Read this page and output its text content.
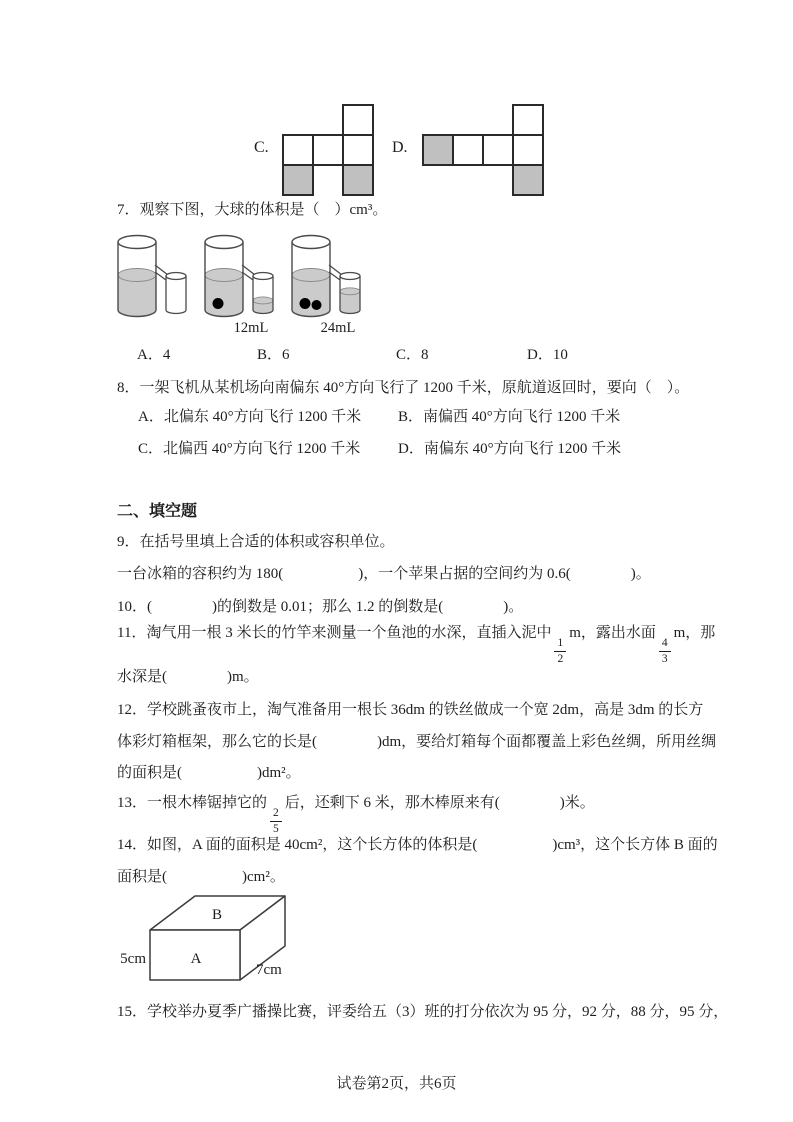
C.	D.
7．观察下图，大球的体积是（　）cm³。
12mL	24mL
A．4	B．6	C．8	D．10
8．一架飞机从某机场向南偏东 40°方向飞行了 1200 千米，原航道返回时，要向（　）。
A．北偏东 40°方向飞行 1200 千米 B．南偏西 40°方向飞行 1200 千米
C．北偏西 40°方向飞行 1200 千米	D．南偏东 40°方向飞行 1200 千米
二、填空题
9．在括号里填上合适的体积或容积单位。
一台冰箱的容积约为 180(　　　　　)，一个苹果占据的空间约为 0.6(　　　　)。
10．(　　　　)的倒数是 0.01；那么 1.2 的倒数是(　　　　)。
11．淘气用一根 3 米长的竹竿来测量一个鱼池的水深，直插入泥中
$\frac{1}{2}$
m，露出水面
$\frac{4}{3}$
m，那
水深是(　　　　)m。
12．学校跳蚤夜市上，淘气准备用一根长 36dm 的铁丝做成一个宽 2dm，高是 3dm 的长方
体彩灯箱框架，那么它的长是(　　　　)dm，要给灯箱每个面都覆盖上彩色丝绸，所用丝绸
的面积是(　　　　　)dm²。
13．一根木棒锯掉它的
$\frac{2}{5}$
后，还剩下 6 米，那木棒原来有(　　　　)米。
14．如图，A 面的面积是 40cm²，这个长方体的体积是(　　　　　)cm³，这个长方体 B 面的
面积是(　　　　　)cm²。
B
A
5cm
7cm
15．学校举办夏季广播操比赛，评委给五（3）班的打分依次为 95 分，92 分，88 分，95 分，
试卷第2页，共6页
